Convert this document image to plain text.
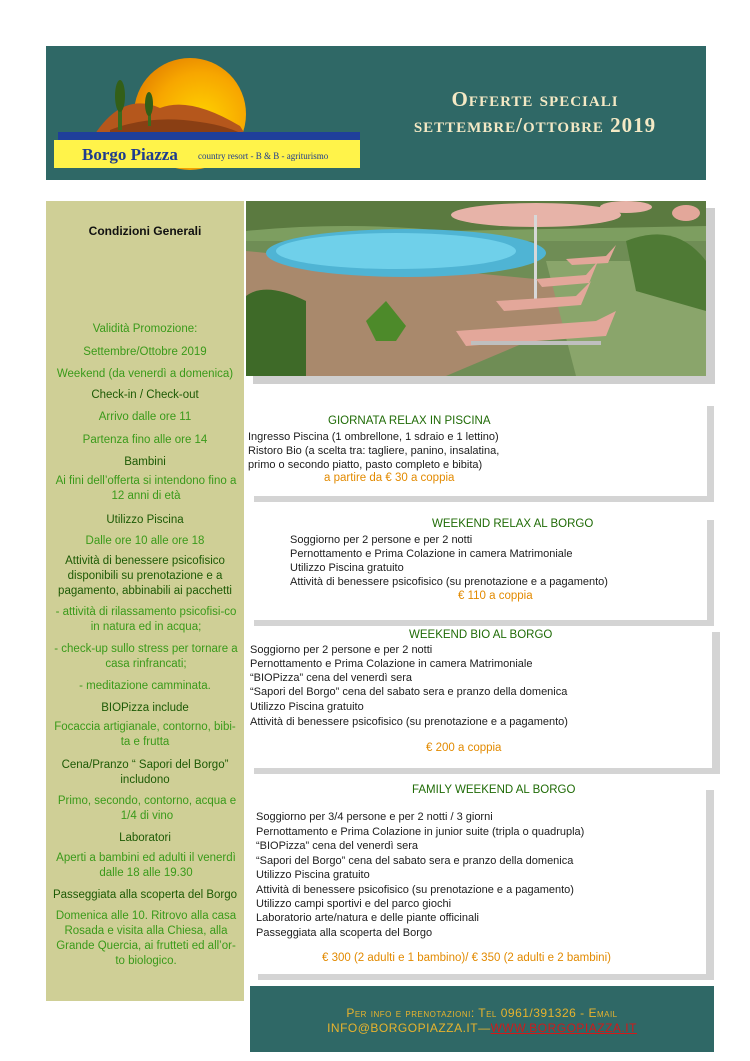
Borgo Piazza country resort - B & B - agriturismo
Offerte speciali
settembre/ottobre 2019
Condizioni Generali
Validità Promozione:
Settembre/Ottobre 2019
Weekend (da venerdì a domenica)
Check-in / Check-out
Arrivo dalle ore 11
Partenza fino alle ore 14
Bambini
Ai fini dell’offerta si intendono fino a 12 anni di età
Utilizzo Piscina
Dalle ore 10 alle ore 18
Attività di benessere psicofisico disponibili su prenotazione e a pagamento, abbinabili ai pacchetti
- attività di rilassamento psicofisi-co in natura ed in acqua;
- check-up sullo stress per tornare a casa rinfrancati;
- meditazione camminata.
BIOPizza include
Focaccia artigianale, contorno, bibi-ta e frutta
Cena/Pranzo “ Sapori del Borgo” includono
Primo, secondo, contorno, acqua e 1/4 di vino
Laboratori
Aperti a bambini ed adulti il venerdì dalle 18 alle 19.30
Passeggiata alla scoperta del Borgo
Domenica alle 10. Ritrovo alla casa Rosada e visita alla Chiesa, alla Grande Quercia, ai frutteti ed all’or-to biologico.
GIORNATA RELAX IN PISCINA
Ingresso Piscina (1 ombrellone, 1 sdraio e 1 lettino)
Ristoro Bio (a scelta tra: tagliere, panino, insalatina,
primo o secondo piatto, pasto completo e bibita)
a partire da € 30 a coppia
WEEKEND RELAX AL BORGO
Soggiorno per 2 persone e per 2 notti
Pernottamento e Prima Colazione in camera Matrimoniale
Utilizzo Piscina gratuito
Attività di benessere psicofisico (su prenotazione e a pagamento)
€ 110 a coppia
WEEKEND BIO AL BORGO
Soggiorno per 2 persone e per 2 notti
Pernottamento e Prima Colazione in camera Matrimoniale
“BIOPizza” cena del venerdì sera
“Sapori del Borgo” cena del sabato sera e pranzo della domenica
Utilizzo Piscina gratuito
Attività di benessere psicofisico (su prenotazione e a pagamento)
€ 200 a coppia
FAMILY WEEKEND AL BORGO
Soggiorno per 3/4 persone e per 2 notti / 3 giorni
Pernottamento e Prima Colazione in junior suite (tripla o quadrupla)
“BIOPizza” cena del venerdì sera
“Sapori del Borgo” cena del sabato sera e pranzo della domenica
Utilizzo Piscina gratuito
Attività di benessere psicofisico (su prenotazione e a pagamento)
Utilizzo campi sportivi e del parco giochi
Laboratorio arte/natura e delle piante officinali
Passeggiata alla scoperta del Borgo
€ 300 (2 adulti e 1 bambino)/ € 350 (2 adulti e 2 bambini)
Per info e prenotazioni: Tel 0961/391326 - Email
INFO@BORGOPIAZZA.IT—WWW.BORGOPIAZZA.IT
